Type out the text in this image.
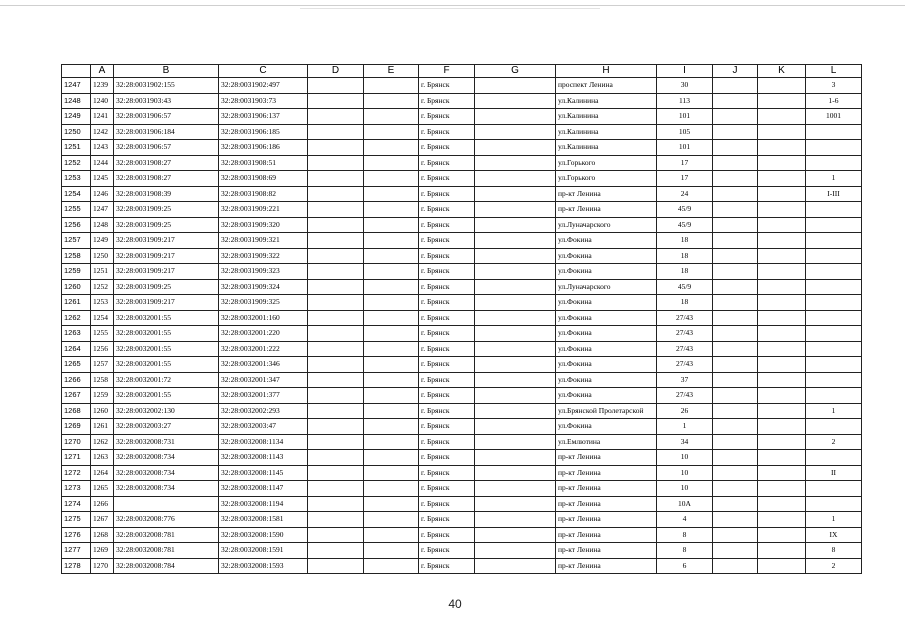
	A	B	C	D	E	F	G	H	I	J	K	L
1247	1239	32:28:0031902:155	32:28:0031902:497			г. Брянск		проспект Ленина	30			3
1248	1240	32:28:0031903:43	32:28:0031903:73			г. Брянск		ул.Калинина	113			1-6
1249	1241	32:28:0031906:57	32:28:0031906:137			г. Брянск		ул.Калинина	101			1001
1250	1242	32:28:0031906:184	32:28:0031906:185			г. Брянск		ул.Калинина	105			
1251	1243	32:28:0031906:57	32:28:0031906:186			г. Брянск		ул.Калинина	101			
1252	1244	32:28:0031908:27	32:28:0031908:51			г. Брянск		ул.Горького	17			
1253	1245	32:28:0031908:27	32:28:0031908:69			г. Брянск		ул.Горького	17			1
1254	1246	32:28:0031908:39	32:28:0031908:82			г. Брянск		пр-кт Ленина	24			I-III
1255	1247	32:28:0031909:25	32:28:0031909:221			г. Брянск		пр-кт Ленина	45/9			
1256	1248	32:28:0031909:25	32:28:0031909:320			г. Брянск		ул.Луначарского	45/9			
1257	1249	32:28:0031909:217	32:28:0031909:321			г. Брянск		ул.Фокина	18			
1258	1250	32:28:0031909:217	32:28:0031909:322			г. Брянск		ул.Фокина	18			
1259	1251	32:28:0031909:217	32:28:0031909:323			г. Брянск		ул.Фокина	18			
1260	1252	32:28:0031909:25	32:28:0031909:324			г. Брянск		ул.Луначарского	45/9			
1261	1253	32:28:0031909:217	32:28:0031909:325			г. Брянск		ул.Фокина	18			
1262	1254	32:28:0032001:55	32:28:0032001:160			г. Брянск		ул.Фокина	27/43			
1263	1255	32:28:0032001:55	32:28:0032001:220			г. Брянск		ул.Фокина	27/43			
1264	1256	32:28:0032001:55	32:28:0032001:222			г. Брянск		ул.Фокина	27/43			
1265	1257	32:28:0032001:55	32:28:0032001:346			г. Брянск		ул.Фокина	27/43			
1266	1258	32:28:0032001:72	32:28:0032001:347			г. Брянск		ул.Фокина	37			
1267	1259	32:28:0032001:55	32:28:0032001:377			г. Брянск		ул.Фокина	27/43			
1268	1260	32:28:0032002:130	32:28:0032002:293			г. Брянск		ул.Брянской Пролетарской	26			1
1269	1261	32:28:0032003:27	32:28:0032003:47			г. Брянск		ул.Фокина	1			
1270	1262	32:28:0032008:731	32:28:0032008:1134			г. Брянск		ул.Емлютина	34			2
1271	1263	32:28:0032008:734	32:28:0032008:1143			г. Брянск		пр-кт Ленина	10			
1272	1264	32:28:0032008:734	32:28:0032008:1145			г. Брянск		пр-кт Ленина	10			II
1273	1265	32:28:0032008:734	32:28:0032008:1147			г. Брянск		пр-кт Ленина	10			
1274	1266		32:28:0032008:1194			г. Брянск		пр-кт Ленина	10А			
1275	1267	32:28:0032008:776	32:28:0032008:1581			г. Брянск		пр-кт Ленина	4			1
1276	1268	32:28:0032008:781	32:28:0032008:1590			г. Брянск		пр-кт Ленина	8			IX
1277	1269	32:28:0032008:781	32:28:0032008:1591			г. Брянск		пр-кт Ленина	8			8
1278	1270	32:28:0032008:784	32:28:0032008:1593			г. Брянск		пр-кт Ленина	6			2
40
